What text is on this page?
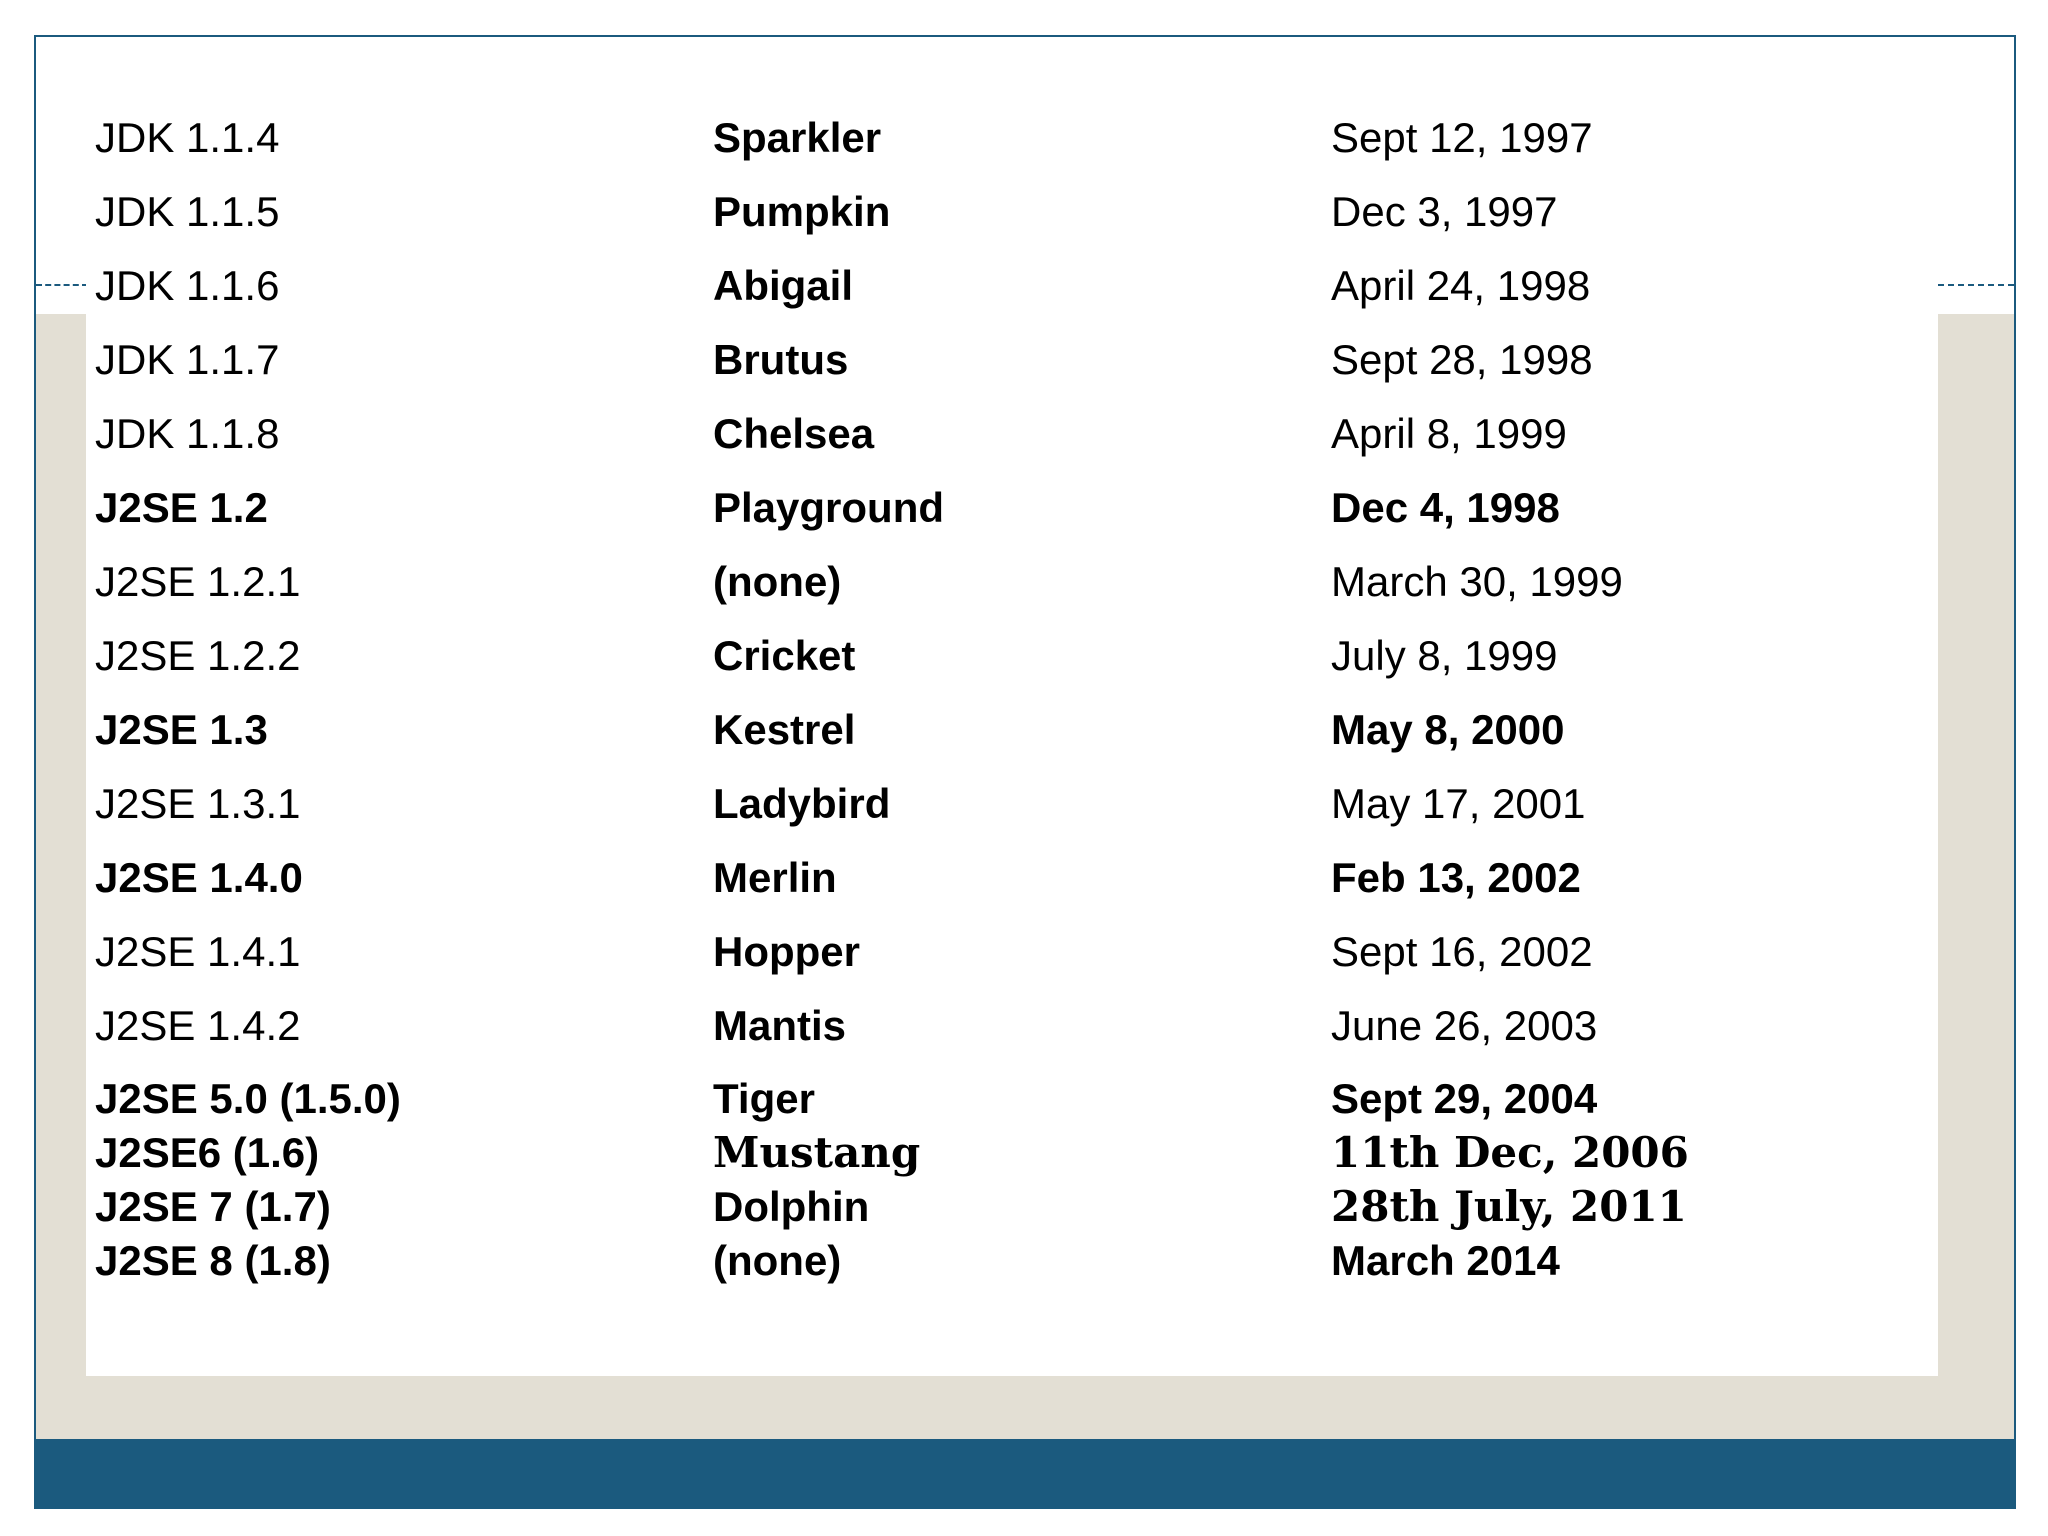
JDK 1.1.4	Sparkler	Sept 12, 1997
JDK 1.1.5	Pumpkin	Dec 3, 1997
JDK 1.1.6	Abigail	April 24, 1998
JDK 1.1.7	Brutus	Sept 28, 1998
JDK 1.1.8	Chelsea	April 8, 1999
J2SE 1.2	Playground	Dec 4, 1998
J2SE 1.2.1	(none)	March 30, 1999
J2SE 1.2.2	Cricket	July 8, 1999
J2SE 1.3	Kestrel	May 8, 2000
J2SE 1.3.1	Ladybird	May 17, 2001
J2SE 1.4.0	Merlin	Feb 13, 2002
J2SE 1.4.1	Hopper	Sept 16, 2002
J2SE 1.4.2	Mantis	June 26, 2003
J2SE 5.0 (1.5.0)	Tiger	Sept 29, 2004
J2SE6 (1.6)	Mustang	11th Dec, 2006
J2SE 7 (1.7)	Dolphin	28th July, 2011
J2SE 8 (1.8)	(none)	March 2014
